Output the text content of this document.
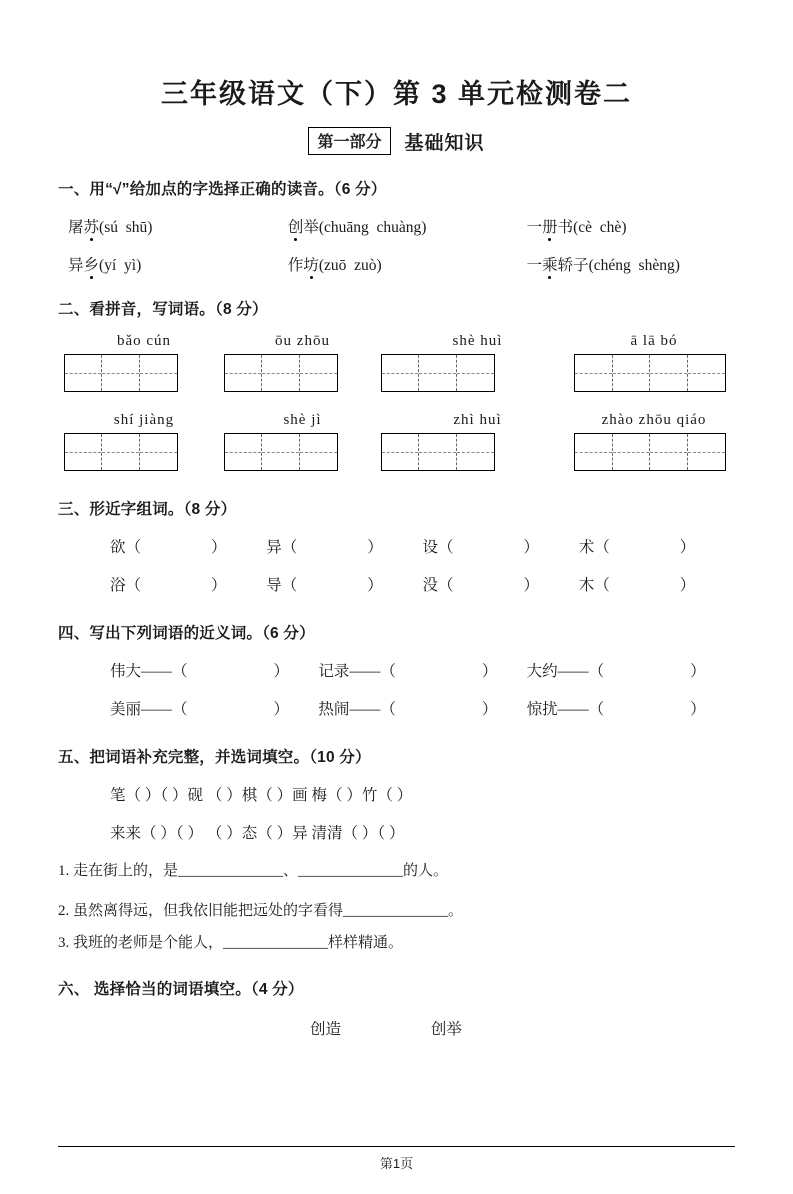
三年级语文（下）第 3 单元检测卷二
第一部分	基础知识
一、用“√”给加点的字选择正确的读音。（6 分）
屠苏(sú shū)	创举(chuāng chuàng)	一册书(cè chè)
异乡(yí yì)	作坊(zuō zuò)	一乘轿子(chéng shèng)
二、看拼音，写词语。（8 分）
bǎo cún	ōu zhōu	shè huì	ā lā bó
shí jiàng	shè jì	zhì huì	zhào zhōu qiáo
三、形近字组词。（8 分）
欲（	）	异（	）	设（	）	术（	）
浴（	）	导（	）	没（	）	木（	）
四、写出下列词语的近义词。（6 分）
伟大——（	）	记录——（	）	大约——（	）
美丽——（	）	热闹——（	）	惊扰——（	）
五、把词语补充完整，并选词填空。（10 分）
笔（ ）（ ）砚 （ ）棋（ ）画 梅（ ）竹（ ）
来来（ ）（ ） （ ）态（ ）异 清清（ ）（ ）
1. 走在街上的，是______________、______________的人。
2. 虽然离得远，但我依旧能把远处的字看得______________。
3. 我班的老师是个能人，______________样样精通。
六、 选择恰当的词语填空。（4 分）
创造	创举
第1页
